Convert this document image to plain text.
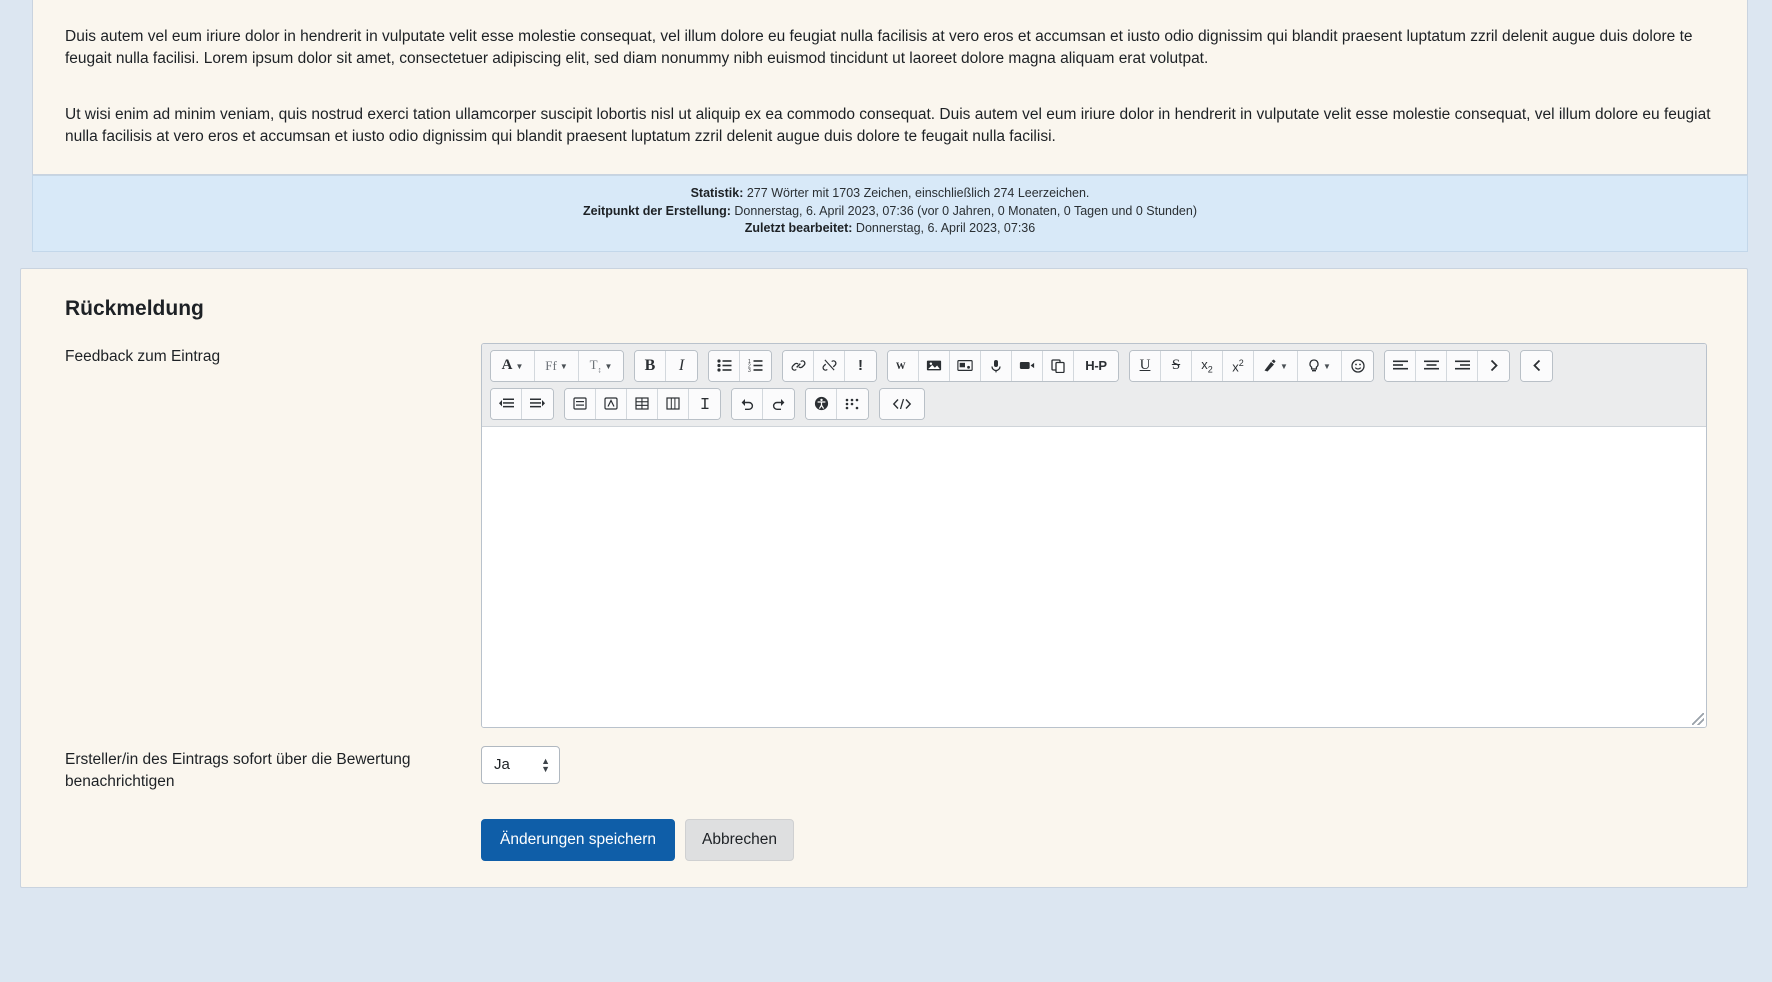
Duis autem vel eum iriure dolor in hendrerit in vulputate velit esse molestie consequat, vel illum dolore eu feugiat nulla facilisis at vero eros et accumsan et iusto odio dignissim qui blandit praesent luptatum zzril delenit augue duis dolore te feugait nulla facilisi. Lorem ipsum dolor sit amet, consectetuer adipiscing elit, sed diam nonummy nibh euismod tincidunt ut laoreet dolore magna aliquam erat volutpat.

Ut wisi enim ad minim veniam, quis nostrud exerci tation ullamcorper suscipit lobortis nisl ut aliquip ex ea commodo consequat. Duis autem vel eum iriure dolor in hendrerit in vulputate velit esse molestie consequat, vel illum dolore eu feugiat nulla facilisis at vero eros et accumsan et iusto odio dignissim qui blandit praesent luptatum zzril delenit augue duis dolore te feugait nulla facilisi.

Statistik: 277 Wörter mit 1703 Zeichen, einschließlich 274 Leerzeichen.
Zeitpunkt der Erstellung: Donnerstag, 6. April 2023, 07:36 (vor 0 Jahren, 0 Monaten, 0 Tagen und 0 Stunden)
Zuletzt bearbeitet: Donnerstag, 6. April 2023, 07:36
Rückmeldung
Feedback zum Eintrag
A ▼ Ff ▼ $T_↕$ ▼	B	I	1
2
3	!	W	H-P U S $x_2$ $x^2$	▼	▼
Ersteller/in des Eintrags sofort über die Bewertung benachrichtigen
Ja
▲
▼
Änderungen speichern	Abbrechen
